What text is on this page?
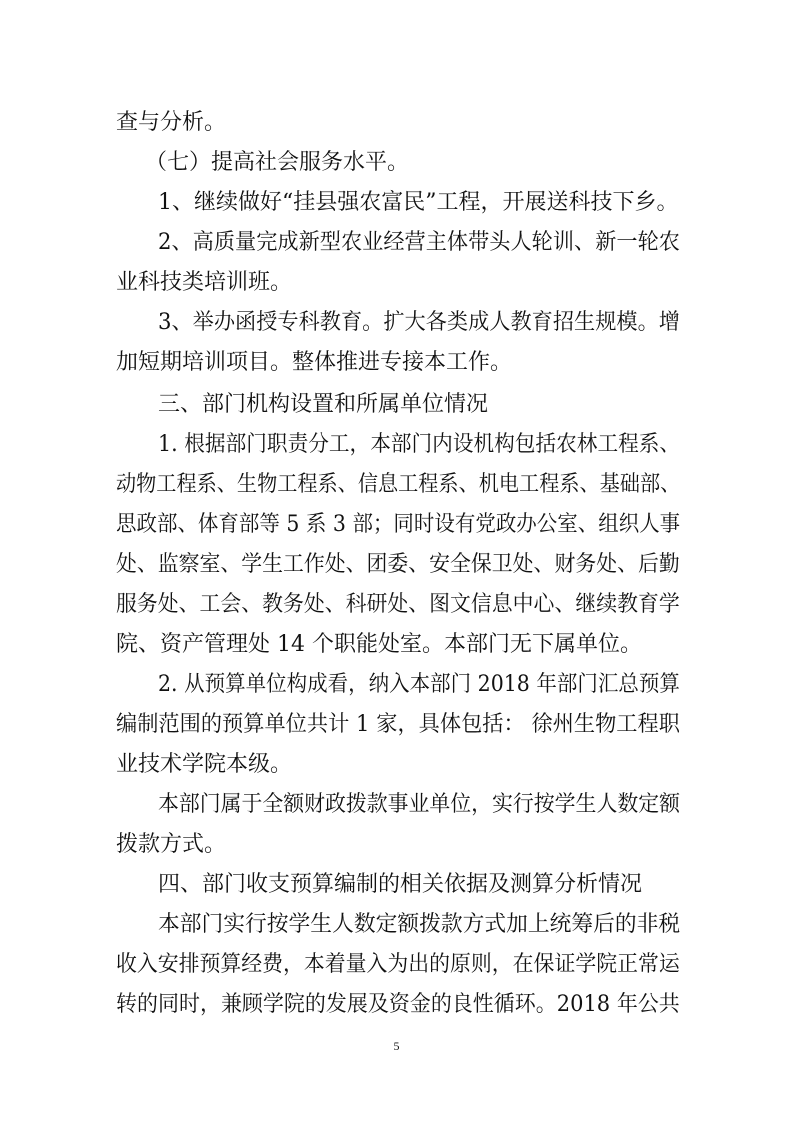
查与分析。
（七）提高社会服务水平。
1、继续做好“挂县强农富民”工程，开展送科技下乡。
2、高质量完成新型农业经营主体带头人轮训、新一轮农
业科技类培训班。
3、举办函授专科教育。扩大各类成人教育招生规模。增
加短期培训项目。整体推进专接本工作。
三、部门机构设置和所属单位情况
1. 根据部门职责分工，本部门内设机构包括农林工程系、
动物工程系、生物工程系、信息工程系、机电工程系、基础部、
思政部、体育部等 5 系 3 部；同时设有党政办公室、组织人事
处、监察室、学生工作处、团委、安全保卫处、财务处、后勤
服务处、工会、教务处、科研处、图文信息中心、继续教育学
院、资产管理处 14 个职能处室。本部门无下属单位。
2. 从预算单位构成看，纳入本部门 2018 年部门汇总预算
编制范围的预算单位共计 1 家，具体包括： 徐州生物工程职
业技术学院本级。
本部门属于全额财政拨款事业单位，实行按学生人数定额
拨款方式。
四、部门收支预算编制的相关依据及测算分析情况
本部门实行按学生人数定额拨款方式加上统筹后的非税
收入安排预算经费，本着量入为出的原则，在保证学院正常运
转的同时，兼顾学院的发展及资金的良性循环。2018 年公共
5
